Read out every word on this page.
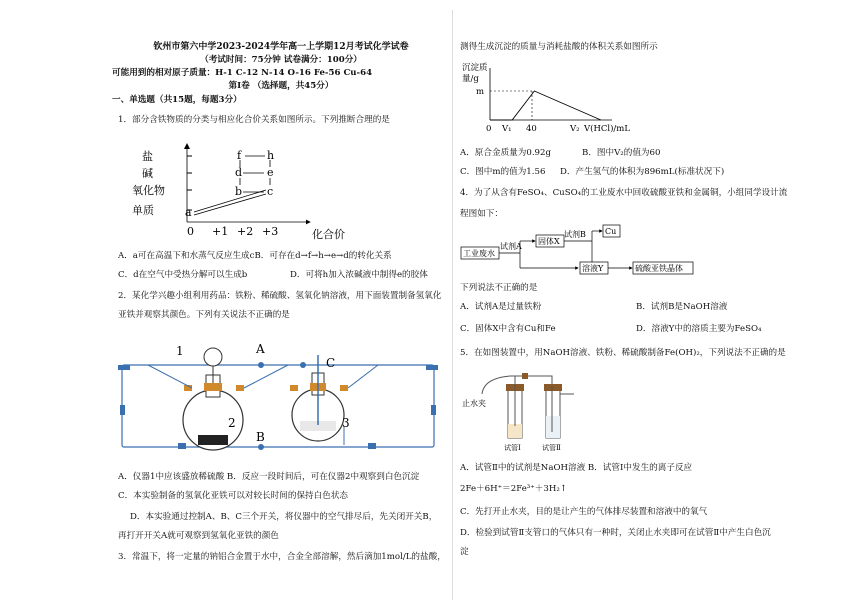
钦州市第六中学2023-2024学年高一上学期12月考试化学试卷
（考试时间：75分钟 试卷满分：100分）
可能用到的相对原子质量：H-1 C-12 N-14 O-16 Fe-56 Cu-64
第Ⅰ卷 （选择题，共45分）
一、单选题（共15题，每题3分）
1．部分含铁物质的分类与相应化合价关系如图所示。下列推断合理的是
盐
碱
氧化物
单质
0 +1 +2 +3	化合价
f h
d e
b c
a
A．a可在高温下和水蒸气反应生成cB．可存在d→f→h→e→d的转化关系
C．d在空气中受热分解可以生成b	D．可将h加入浓碱液中制得e的胶体
2．某化学兴趣小组利用药品：铁粉、稀硫酸、氢氧化钠溶液，用下面装置制备氢氧化
亚铁并观察其颜色。下列有关说法不正确的是
1	A
C
2	3
B
A．仪器1中应该盛放稀硫酸 B．反应一段时间后，可在仪器2中观察到白色沉淀
C．本实验制备的氢氧化亚铁可以对较长时间的保持白色状态
D．本实验通过控制A、B、C三个开关，将仪器中的空气排尽后，先关闭开关B，
再打开开关A就可观察到氢氧化亚铁的颜色
3．常温下，将一定量的钠铝合金置于水中，合金全部溶解，然后滴加1mol/L的盐酸，
测得生成沉淀的质量与消耗盐酸的体积关系如图所示
沉淀质
量/g
m
0 V₁ 40	V₂ V(HCl)/mL
A．原合金质量为0.92g	B．图中V₂的值为60
C．图中m的值为1.56 D．产生氢气的体积为896mL(标准状况下)
4．为了从含有FeSO₄、CuSO₄的工业废水中回收硫酸亚铁和金属铜，小组同学设计流
程图如下：
工业废水
试剂A
固体X
试剂B Cu
溶液Y	硫酸亚铁晶体
下列说法不正确的是
A．试剂A是过量铁粉	B．试剂B是NaOH溶液
C．固体X中含有Cu和Fe	D．溶液Y中的溶质主要为FeSO₄
5．在如图装置中，用NaOH溶液、铁粉、稀硫酸制备Fe(OH)₂，下列说法不正确的是
止水夹
试管Ⅰ	试管Ⅱ
A．试管Ⅱ中的试剂是NaOH溶液 B．试管Ⅰ中发生的离子反应
2Fe＋6H⁺＝2Fe³⁺＋3H₂↑
C．先打开止水夹，目的是让产生的气体排尽装置和溶液中的氧气
D．检验到试管Ⅱ支管口的气体只有一种时，关闭止水夹即可在试管Ⅱ中产生白色沉
淀
